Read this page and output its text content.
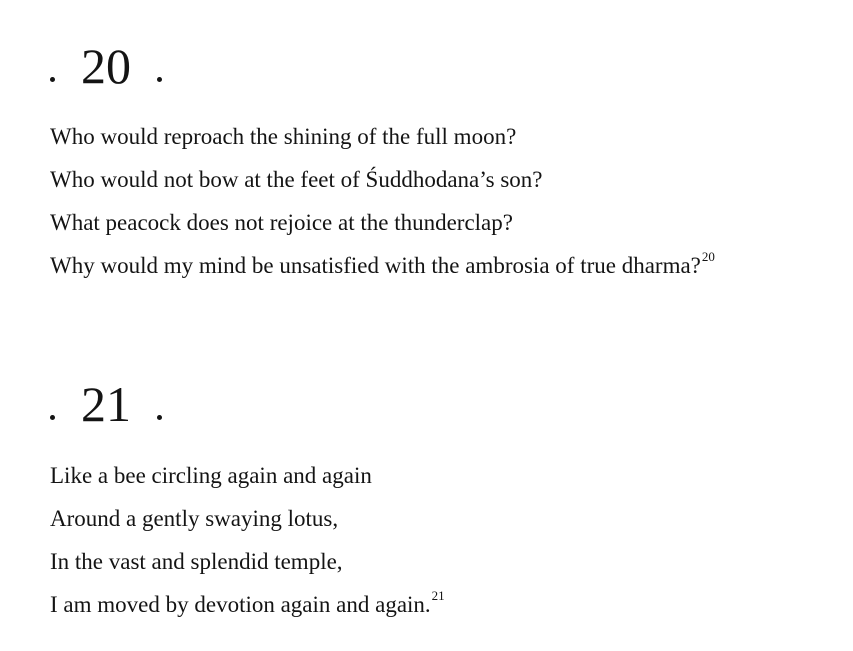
20
Who would reproach the shining of the full moon?
Who would not bow at the feet of Śuddhodana’s son?
What peacock does not rejoice at the thunderclap?
Why would my mind be unsatisfied with the ambrosia of true dharma?$^{20}$
21
Like a bee circling again and again
Around a gently swaying lotus,
In the vast and splendid temple,
I am moved by devotion again and again.$^{21}$
